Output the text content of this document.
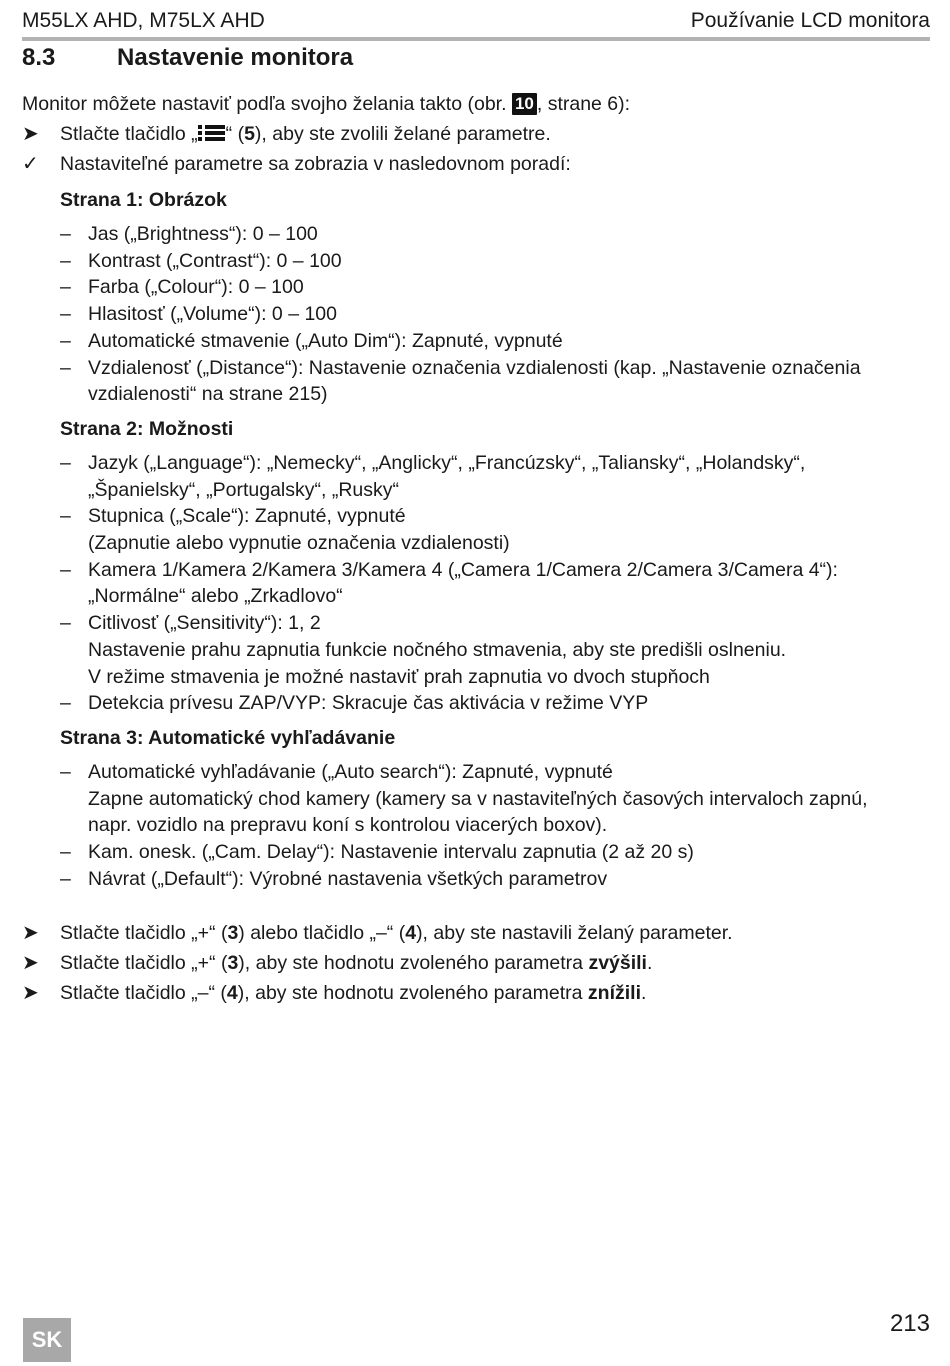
M55LX AHD, M75LX AHD	Používanie LCD monitora
8.3	Nastavenie monitora

Monitor môžete nastaviť podľa svojho želania takto (obr. 10 , strane 6):

➤ Stlačte tlačidlo „ “ (5), aby ste zvolili želané parametre.

✓ Nastaviteľné parametre sa zobrazia v nasledovnom poradí:

Strana 1: Obrázok
– Jas („Brightness“): 0 – 100
– Kontrast („Contrast“): 0 – 100
– Farba („Colour“): 0 – 100
– Hlasitosť („Volume“): 0 – 100
– Automatické stmavenie („Auto Dim“): Zapnuté, vypnuté
– Vzdialenosť („Distance“): Nastavenie označenia vzdialenosti (kap. „Nastavenie označenia
vzdialenosti“ na strane 215)
Strana 2: Možnosti
– Jazyk („Language“): „Nemecky“, „Anglicky“, „Francúzsky“, „Taliansky“, „Holandsky“,
„Španielsky“, „Portugalsky“, „Rusky“
– Stupnica („Scale“): Zapnuté, vypnuté
(Zapnutie alebo vypnutie označenia vzdialenosti)
– Kamera 1/Kamera 2/Kamera 3/Kamera 4 („Camera 1/Camera 2/Camera 3/Camera 4“):
„Normálne“ alebo „Zrkadlovo“
– Citlivosť („Sensitivity“): 1, 2
Nastavenie prahu zapnutia funkcie nočného stmavenia, aby ste predišli oslneniu.
V režime stmavenia je možné nastaviť prah zapnutia vo dvoch stupňoch
– Detekcia prívesu ZAP/VYP: Skracuje čas aktivácia v režime VYP
Strana 3: Automatické vyhľadávanie
– Automatické vyhľadávanie („Auto search“): Zapnuté, vypnuté
Zapne automatický chod kamery (kamery sa v nastaviteľných časových intervaloch zapnú,
napr. vozidlo na prepravu koní s kontrolou viacerých boxov).
– Kam. onesk. („Cam. Delay“): Nastavenie intervalu zapnutia (2 až 20 s)
– Návrat („Default“): Výrobné nastavenia všetkých parametrov

➤ Stlačte tlačidlo „+“ (3) alebo tlačidlo „–“ (4), aby ste nastavili želaný parameter.

➤ Stlačte tlačidlo „+“ (3), aby ste hodnotu zvoleného parametra zvýšili.

➤ Stlačte tlačidlo „–“ (4), aby ste hodnotu zvoleného parametra znížili.

SK
213
